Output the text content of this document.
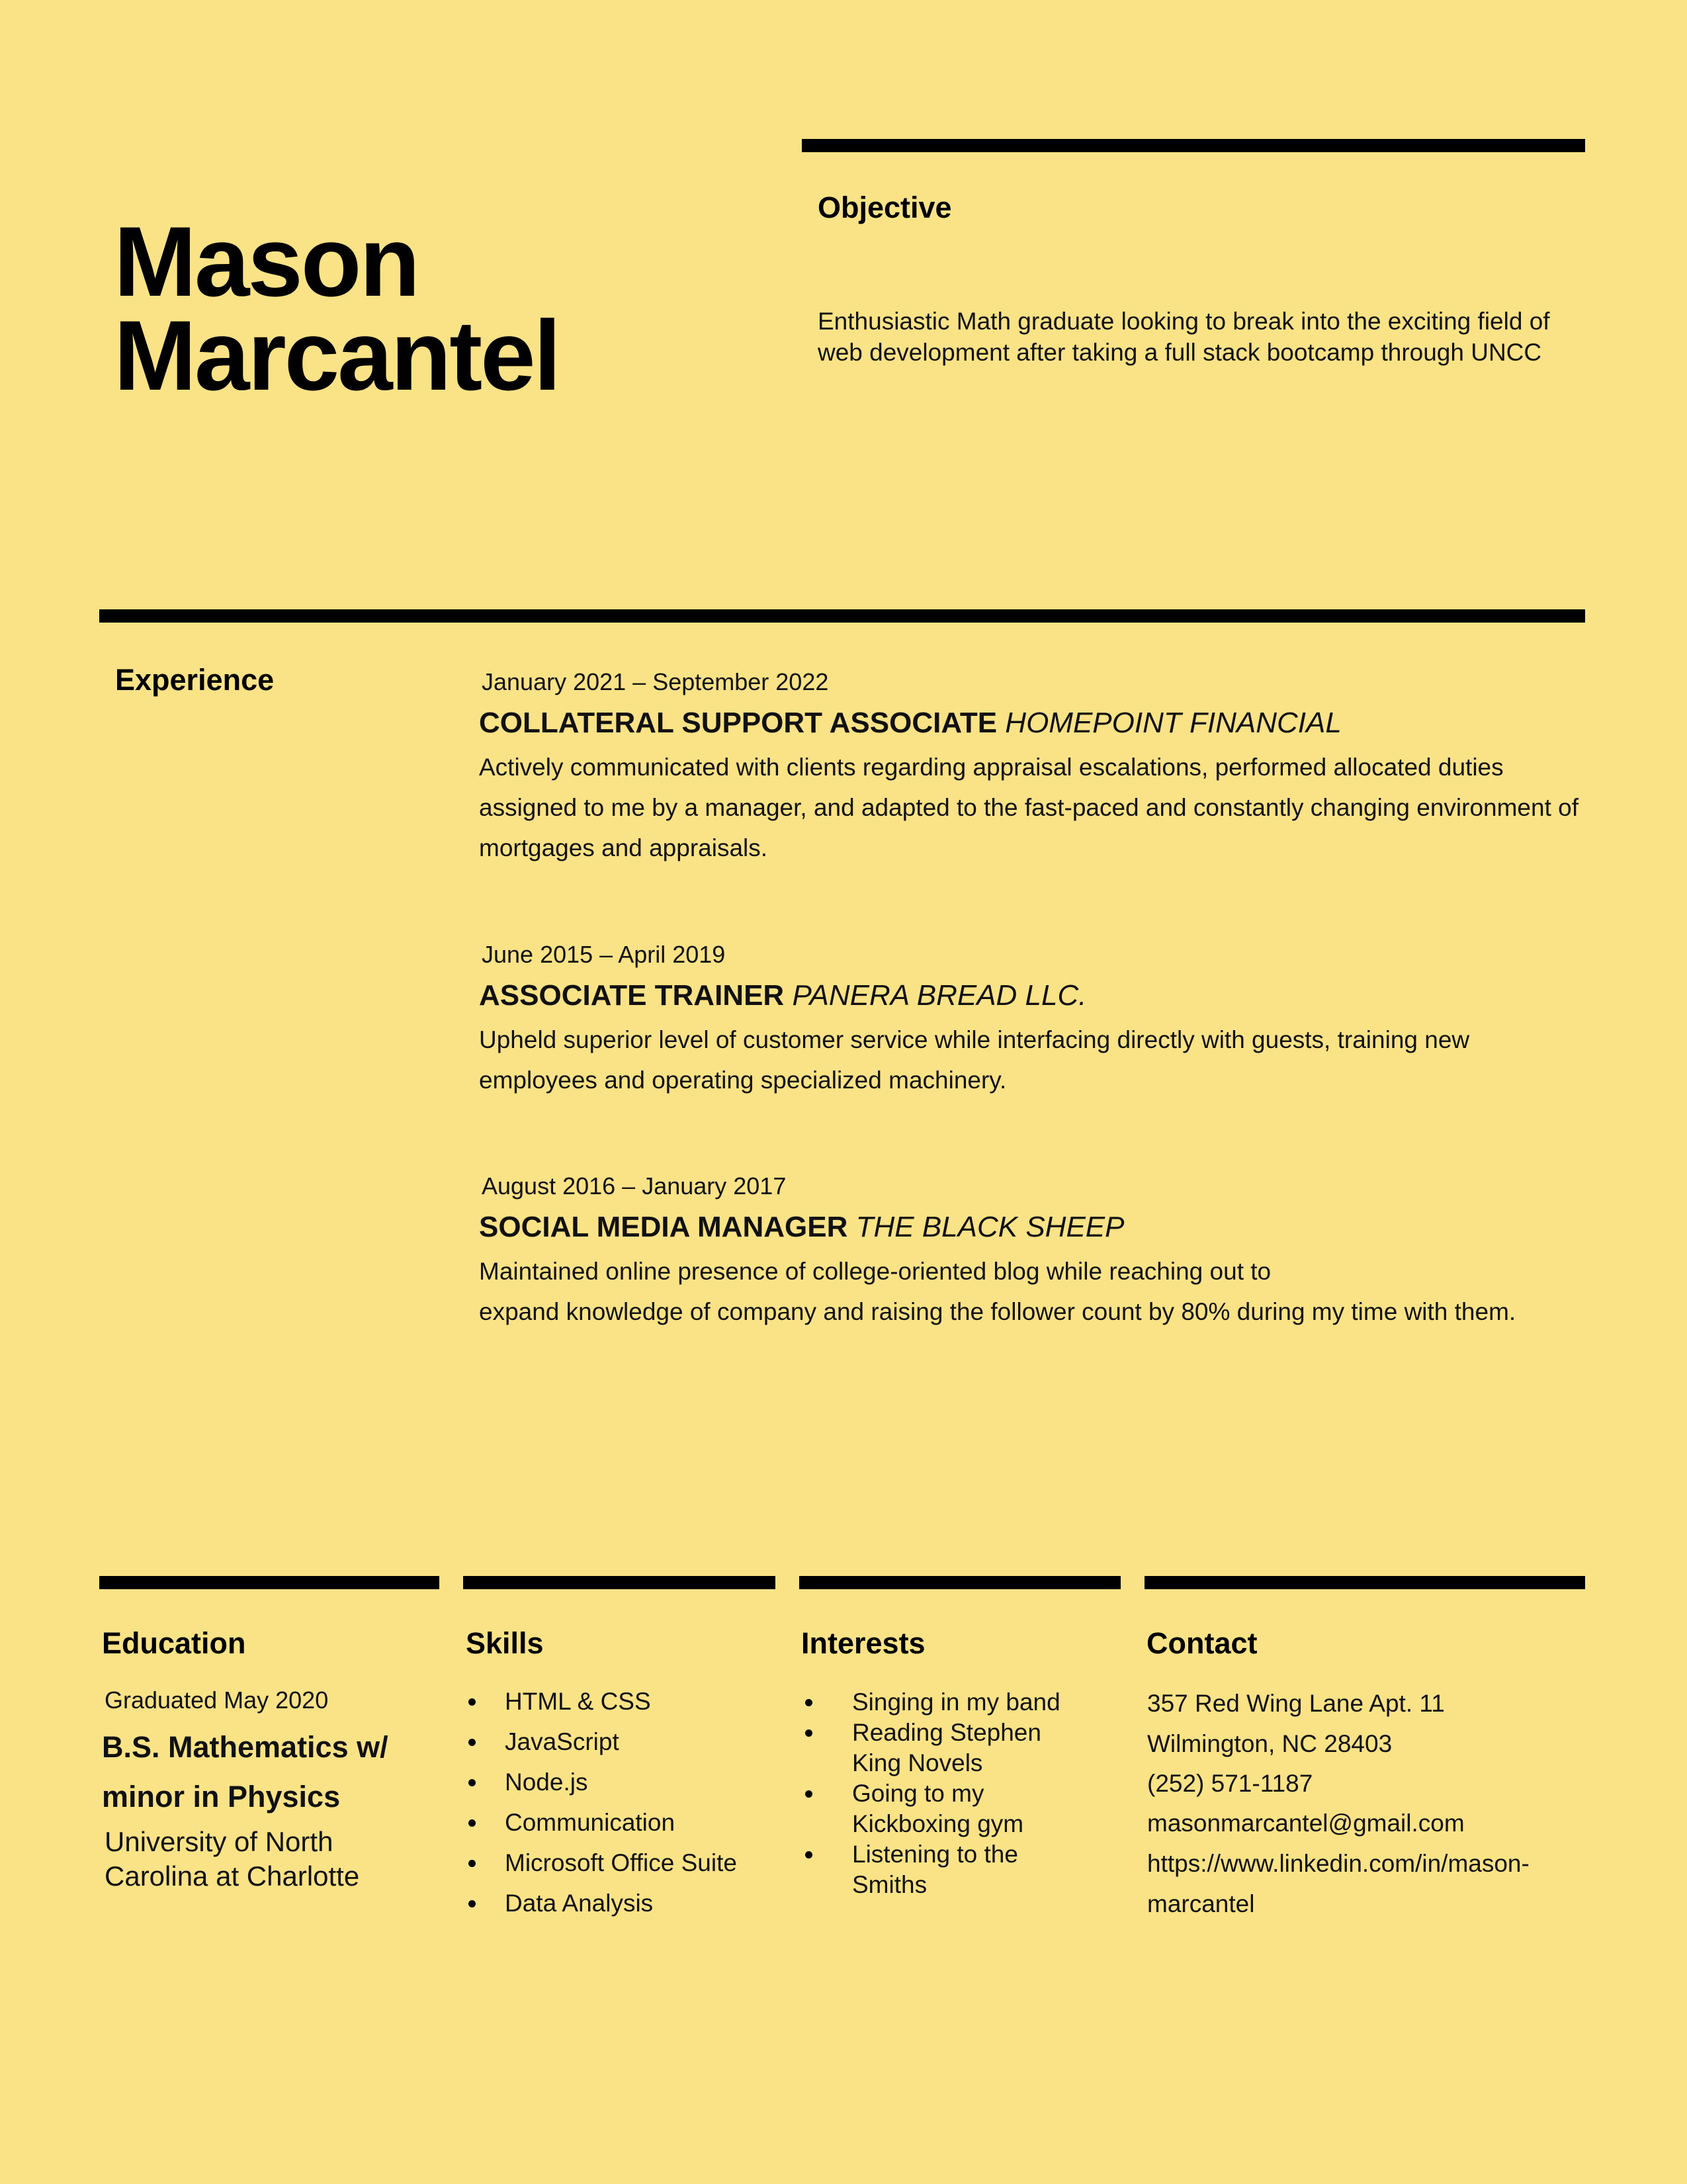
Mason
Marcantel
Objective
Enthusiastic Math graduate looking to break into the exciting field of web development after taking a full stack bootcamp through UNCC
Experience	January 2021 – September 2022
COLLATERAL SUPPORT ASSOCIATE HOMEPOINT FINANCIAL
Actively communicated with clients regarding appraisal escalations, performed allocated duties assigned to me by a manager, and adapted to the fast-paced and constantly changing environment of mortgages and appraisals.
June 2015 – April 2019
ASSOCIATE TRAINER PANERA BREAD LLC.
Upheld superior level of customer service while interfacing directly with guests, training new employees and operating specialized machinery.
August 2016 – January 2017
SOCIAL MEDIA MANAGER THE BLACK SHEEP
Maintained online presence of college-oriented blog while reaching out to
expand knowledge of company and raising the follower count by 80% during my time with them.
Education
Graduated May 2020
B.S. Mathematics w/ minor in Physics
University of North Carolina at Charlotte
Skills
HTML & CSS
JavaScript
Node.js
Communication
Microsoft Office Suite
Data Analysis
Interests
Singing in my band
Reading Stephen King Novels
Going to my Kickboxing gym
Listening to the Smiths
Contact
357 Red Wing Lane Apt. 11
Wilmington, NC 28403
(252) 571-1187
masonmarcantel@gmail.com
https://www.linkedin.com/in/mason-
marcantel
